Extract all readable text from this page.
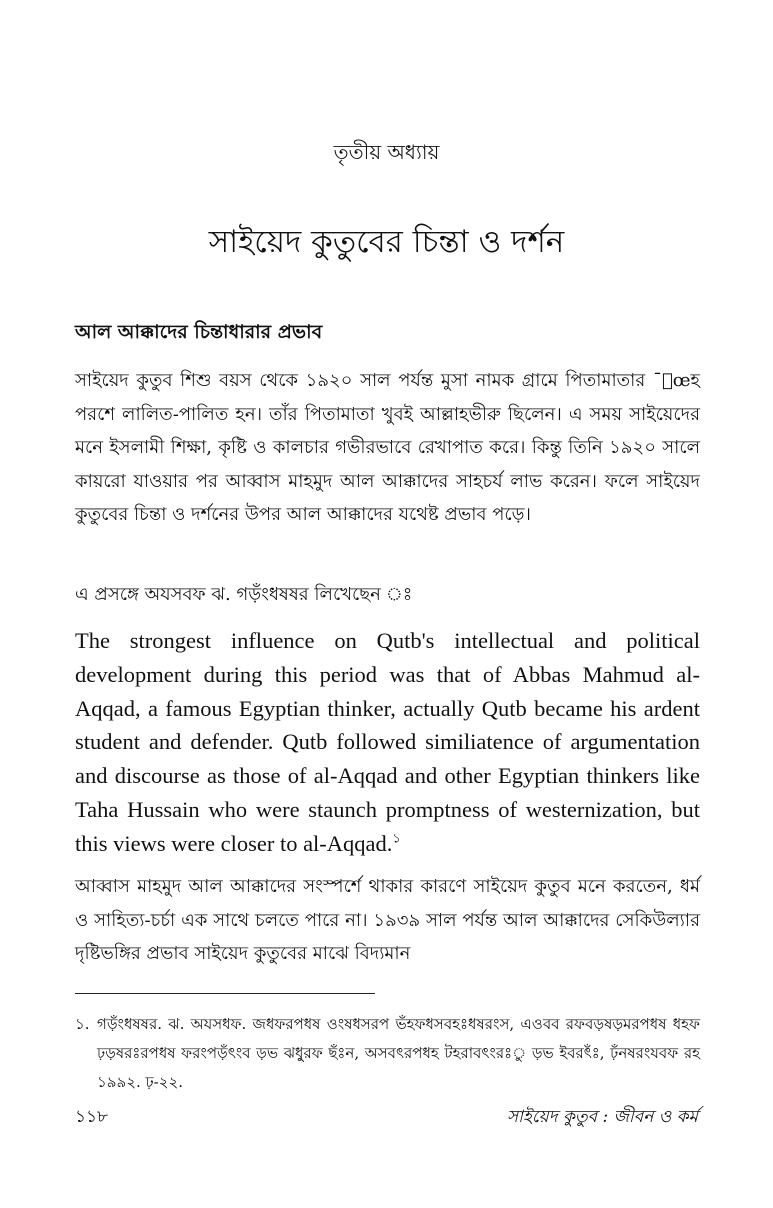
তৃতীয় অধ্যায়
সাইয়েদ কুতুবের চিন্তা ও দর্শন
আল আক্কাদের চিন্তাধারার প্রভাব
সাইয়েদ কুতুব শিশু বয়স থেকে ১৯২০ সাল পর্যন্ত মুসা নামক গ্রামে পিতামাতার ¯েœহ পরশে লালিত-পালিত হন। তাঁর পিতামাতা খুবই আল্লাহভীরু ছিলেন। এ সময় সাইয়েদের মনে ইসলামী শিক্ষা, কৃষ্টি ও কালচার গভীরভাবে রেখাপাত করে। কিন্তু তিনি ১৯২০ সালে কায়রো যাওয়ার পর আব্বাস মাহমুদ আল আক্কাদের সাহচর্য লাভ করেন। ফলে সাইয়েদ কুতুবের চিন্তা ও দর্শনের উপর আল আক্কাদের যথেষ্ট প্রভাব পড়ে।
এ প্রসঙ্গে অযসবফ ঝ. গড়ঁংধষষর লিখেছেন ঃ
The strongest influence on Qutb's intellectual and political development during this period was that of Abbas Mahmud al-Aqqad, a famous Egyptian thinker, actually Qutb became his ardent student and defender. Qutb followed similiatence of argumentation and discourse as those of al-Aqqad and other Egyptian thinkers like Taha Hussain who were staunch promptness of westernization, but this views were closer to al-Aqqad.$^১$
আব্বাস মাহমুদ আল আক্কাদের সংস্পর্শে থাকার কারণে সাইয়েদ কুতুব মনে করতেন, ধর্ম ও সাহিত্য-চর্চা এক সাথে চলতে পারে না। ১৯৩৯ সাল পর্যন্ত আল আক্কাদের সেকিউল্যার দৃষ্টিভঙ্গির প্রভাব সাইয়েদ কুতুবের মাঝে বিদ্যমান
১. গড়ঁংধষষর. ঝ. অযসধফ. জধফরপধষ ওংষধসরপ ভঁহফধসবহঃধষরংস, এওবব রফবড়ষড়মরপধষ ধহফ ঢ়ড়ষরঃরপধষ ফরংপড়ঁৎংব ড়ভ ঝধুুরফ ছঁঃন, অসবৎরপধহ টহরাবৎংরঃু ড়ভ ইবরৎঁঃ, ঢ়ঁনষরংযবফ রহ ১৯৯২. ঢ়-২২.
১১৮	সাইয়েদ কুতুব : জীবন ও কর্ম
